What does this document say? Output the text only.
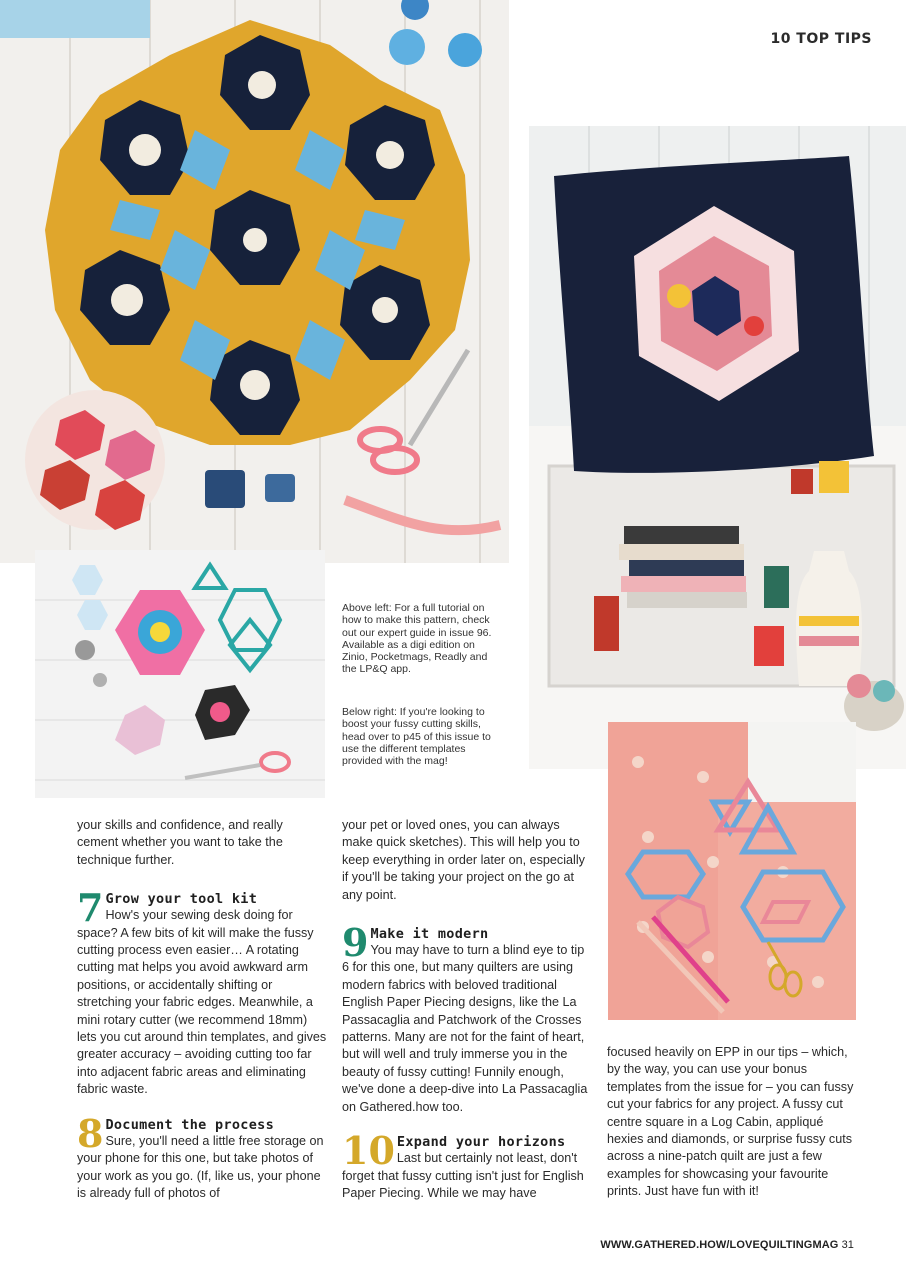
10 TOP TIPS

Above left: For a full tutorial on how to make this pattern, check out our expert guide in issue 96. Available as a digi edition on Zinio, Pocketmags, Readly and the LP&Q app.

Below right: If you're looking to boost your fussy cutting skills, head over to p45 of this issue to use the different templates provided with the mag!

your skills and confidence, and really cement whether you want to take the technique further.

7 Grow your tool kit
How's your sewing desk doing for space? A few bits of kit will make the fussy cutting process even easier… A rotating cutting mat helps you avoid awkward arm positions, or accidentally shifting or stretching your fabric edges. Meanwhile, a mini rotary cutter (we recommend 18mm) lets you cut around thin templates, and gives greater accuracy – avoiding cutting too far into adjacent fabric areas and eliminating fabric waste.
8 Document the process
Sure, you'll need a little free storage on your phone for this one, but take photos of your work as you go. (If, like us, your phone is already full of photos of

your pet or loved ones, you can always make quick sketches). This will help you to keep everything in order later on, especially if you'll be taking your project on the go at any point.

9 Make it modern
You may have to turn a blind eye to tip 6 for this one, but many quilters are using modern fabrics with beloved traditional English Paper Piecing designs, like the La Passacaglia and Patchwork of the Crosses patterns. Many are not for the faint of heart, but will well and truly immerse you in the beauty of fussy cutting! Funnily enough, we've done a deep-dive into La Passacaglia on Gathered.how too.
10 Expand your horizons
Last but certainly not least, don't forget that fussy cutting isn't just for English Paper Piecing. While we may have

focused heavily on EPP in our tips – which, by the way, you can use your bonus templates from the issue for – you can fussy cut your fabrics for any project. A fussy cut centre square in a Log Cabin, appliqué hexies and diamonds, or surprise fussy cuts across a nine-patch quilt are just a few examples for showcasing your favourite prints. Just have fun with it!

WWW.GATHERED.HOW/LOVEQUILTINGMAG 31
